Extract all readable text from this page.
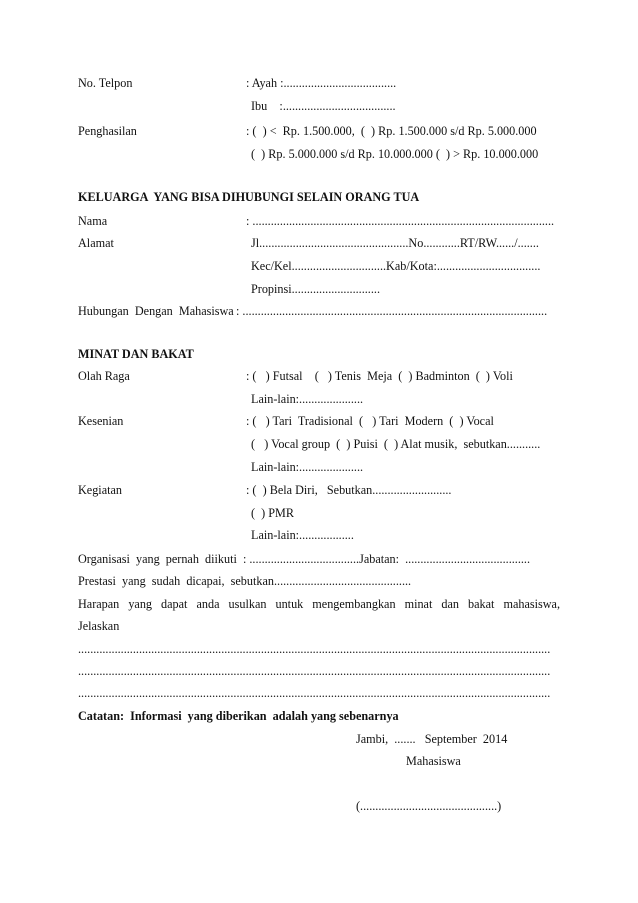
No. Telpon	: Ayah :.....................................
Ibu    :.....................................
Penghasilan	: (  ) <  Rp. 1.500.000,  (  ) Rp. 1.500.000 s/d Rp. 5.000.000
(  ) Rp. 5.000.000 s/d Rp. 10.000.000 (  ) > Rp. 10.000.000
KELUARGA  YANG BISA DIHUBUNGI SELAIN ORANG TUA
Nama	: ...................................................................................................
Alamat	Jl.................................................No............RT/RW....../.......
Kec/Kel...............................Kab/Kota:..................................
Propinsi.............................
Hubungan  Dengan  Mahasiswa : ....................................................................................................
MINAT DAN BAKAT
Olah Raga	: (   ) Futsal    (   ) Tenis  Meja  (  ) Badminton  (  ) Voli
Lain-lain:.....................
Kesenian	: (   ) Tari  Tradisional  (   ) Tari  Modern  (  ) Vocal
(   ) Vocal group  (  ) Puisi  (  ) Alat musik,  sebutkan...........
Lain-lain:.....................
Kegiatan	: (  ) Bela Diri,   Sebutkan..........................
(  ) PMR
Lain-lain:..................
Organisasi  yang  pernah  diikuti  : ....................................Jabatan:  .........................................
Prestasi  yang  sudah  dicapai,  sebutkan.............................................
Harapan yang dapat anda usulkan untuk mengembangkan minat dan bakat mahasiswa,
Jelaskan
...........................................................................................................................................................
...........................................................................................................................................................
...........................................................................................................................................................
Catatan:  Informasi  yang diberikan  adalah yang sebenarnya
Jambi,  .......   September  2014
Mahasiswa
(.............................................)
